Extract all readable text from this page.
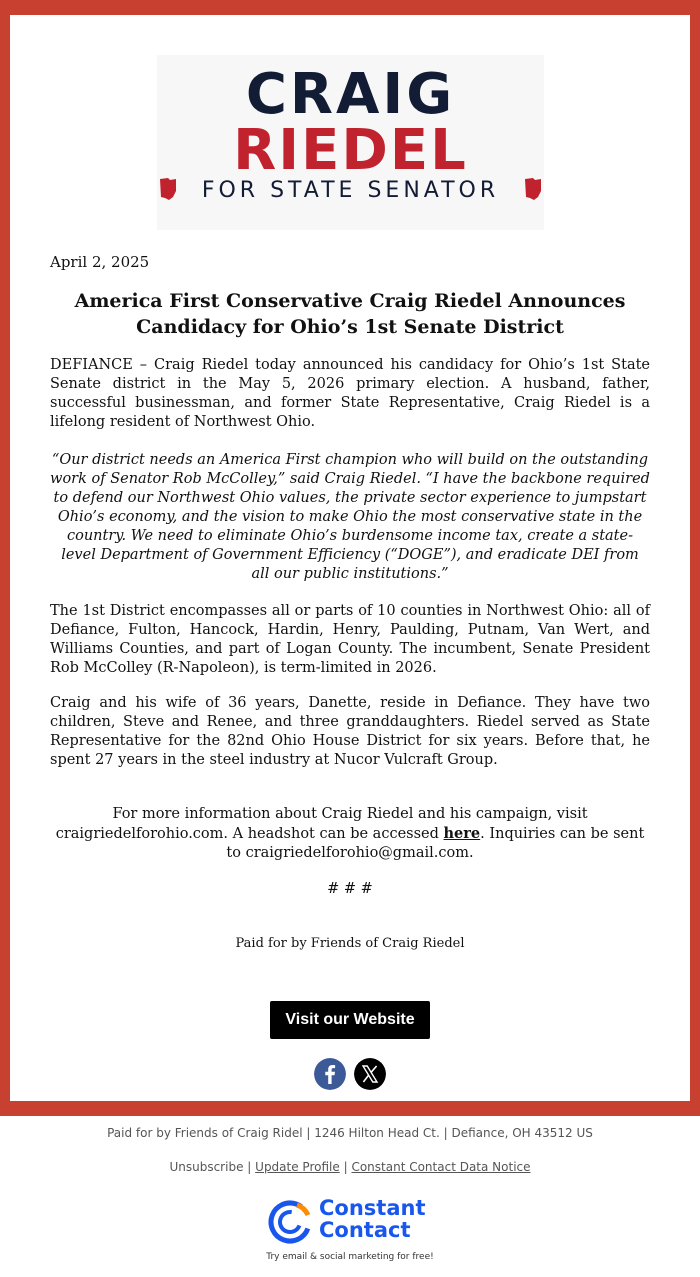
CRAIG
RIEDEL
FOR STATE SENATOR
April 2, 2025
America First Conservative Craig Riedel Announces Candidacy for Ohio’s 1st Senate District

DEFIANCE – Craig Riedel today announced his candidacy for Ohio’s 1st State Senate district in the May 5, 2026 primary election. A husband, father, successful businessman, and former State Representative, Craig Riedel is a lifelong resident of Northwest Ohio.

“Our district needs an America First champion who will build on the outstanding work of Senator Rob McColley,” said Craig Riedel. “I have the backbone required to defend our Northwest Ohio values, the private sector experience to jumpstart Ohio’s economy, and the vision to make Ohio the most conservative state in the country. We need to eliminate Ohio’s burdensome income tax, create a state-level Department of Government Efficiency (“DOGE”), and eradicate DEI from all our public institutions.”

The 1st District encompasses all or parts of 10 counties in Northwest Ohio: all of Defiance, Fulton, Hancock, Hardin, Henry, Paulding, Putnam, Van Wert, and Williams Counties, and part of Logan County. The incumbent, Senate President Rob McColley (R-Napoleon), is term-limited in 2026.

Craig and his wife of 36 years, Danette, reside in Defiance. They have two children, Steve and Renee, and three granddaughters. Riedel served as State Representative for the 82nd Ohio House District for six years. Before that, he spent 27 years in the steel industry at Nucor Vulcraft Group.

For more information about Craig Riedel and his campaign, visit craigriedelforohio.com. A headshot can be accessed here. Inquiries can be sent to craigriedelforohio@gmail.com.

# # #

Paid for by Friends of Craig Riedel

Visit our Website
Paid for by Friends of Craig Ridel | 1246 Hilton Head Ct. | Defiance, OH 43512 US
Unsubscribe | Update Profile | Constant Contact Data Notice
Constant
Contact
Try email & social marketing for free!
